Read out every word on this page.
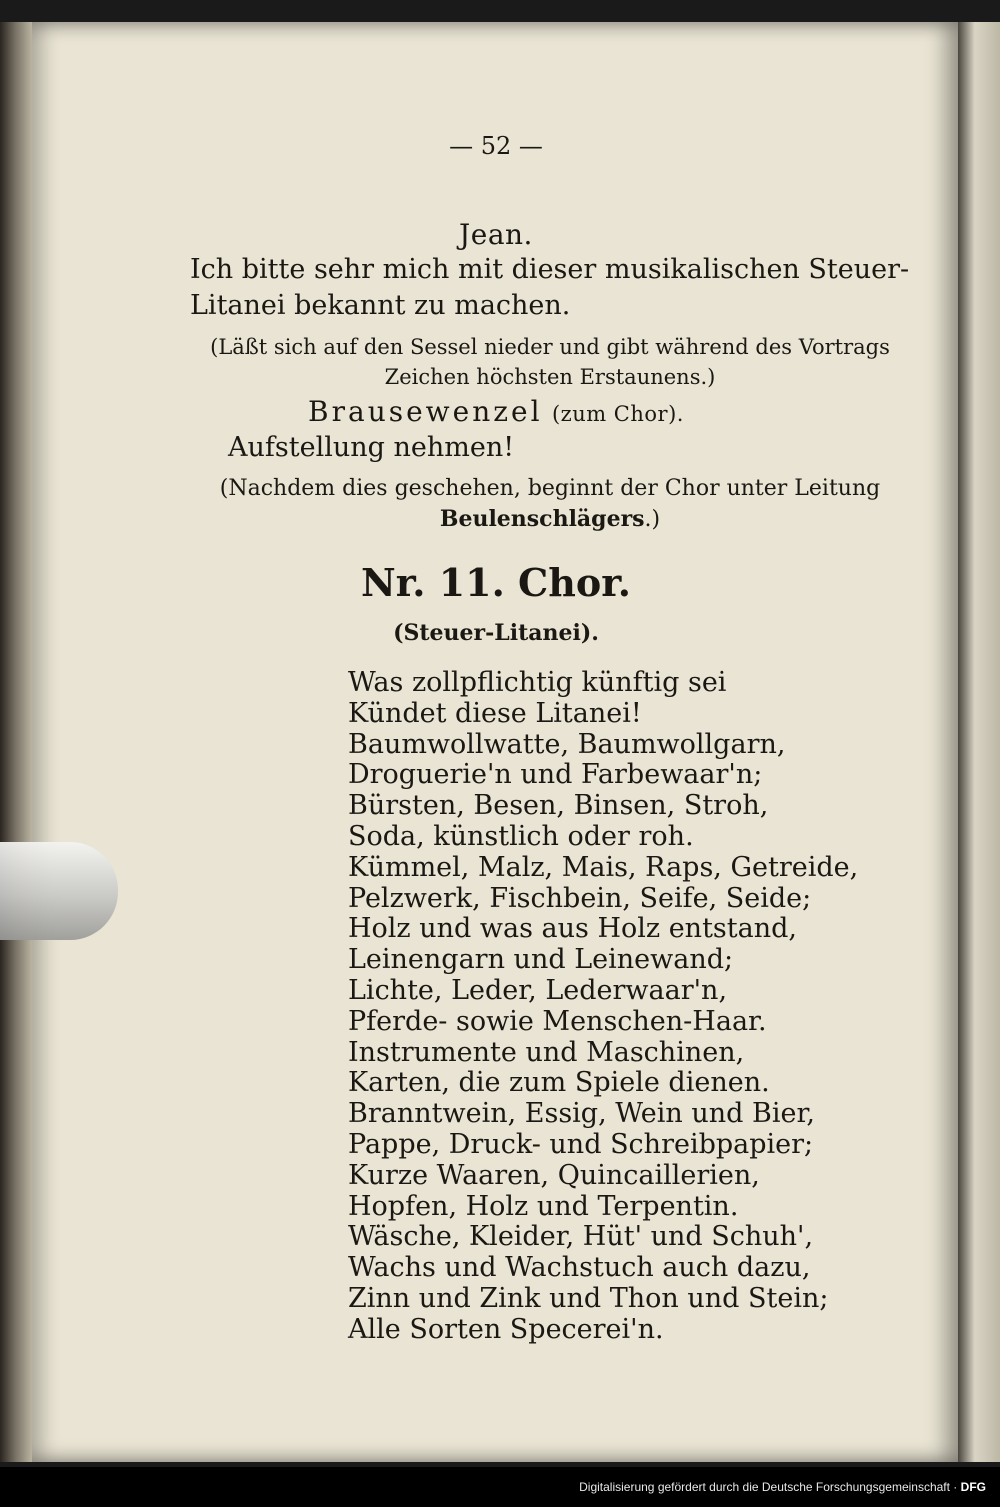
— 52 —
Jean.
Ich bitte sehr mich mit dieser musikalischen Steuer-Litanei bekannt zu machen.
(Läßt sich auf den Sessel nieder und gibt während des Vortrags Zeichen höchsten Erstaunens.)
Brausewenzel (zum Chor).
Aufstellung nehmen!
(Nachdem dies geschehen, beginnt der Chor unter Leitung Beulenschlägers.)
Nr. 11. Chor.
(Steuer-Litanei).
Was zollpflichtig künftig sei
Kündet diese Litanei!
Baumwollwatte, Baumwollgarn,
Droguerie'n und Farbewaar'n;
Bürsten, Besen, Binsen, Stroh,
Soda, künstlich oder roh.
Kümmel, Malz, Mais, Raps, Getreide,
Pelzwerk, Fischbein, Seife, Seide;
Holz und was aus Holz entstand,
Leinengarn und Leinewand;
Lichte, Leder, Lederwaar'n,
Pferde- sowie Menschen-Haar.
Instrumente und Maschinen,
Karten, die zum Spiele dienen.
Branntwein, Essig, Wein und Bier,
Pappe, Druck- und Schreibpapier;
Kurze Waaren, Quincaillerien,
Hopfen, Holz und Terpentin.
Wäsche, Kleider, Hüt' und Schuh',
Wachs und Wachstuch auch dazu,
Zinn und Zink und Thon und Stein;
Alle Sorten Specerei'n.
Digitalisierung gefördert durch die Deutsche Forschungsgemeinschaft · DFG
